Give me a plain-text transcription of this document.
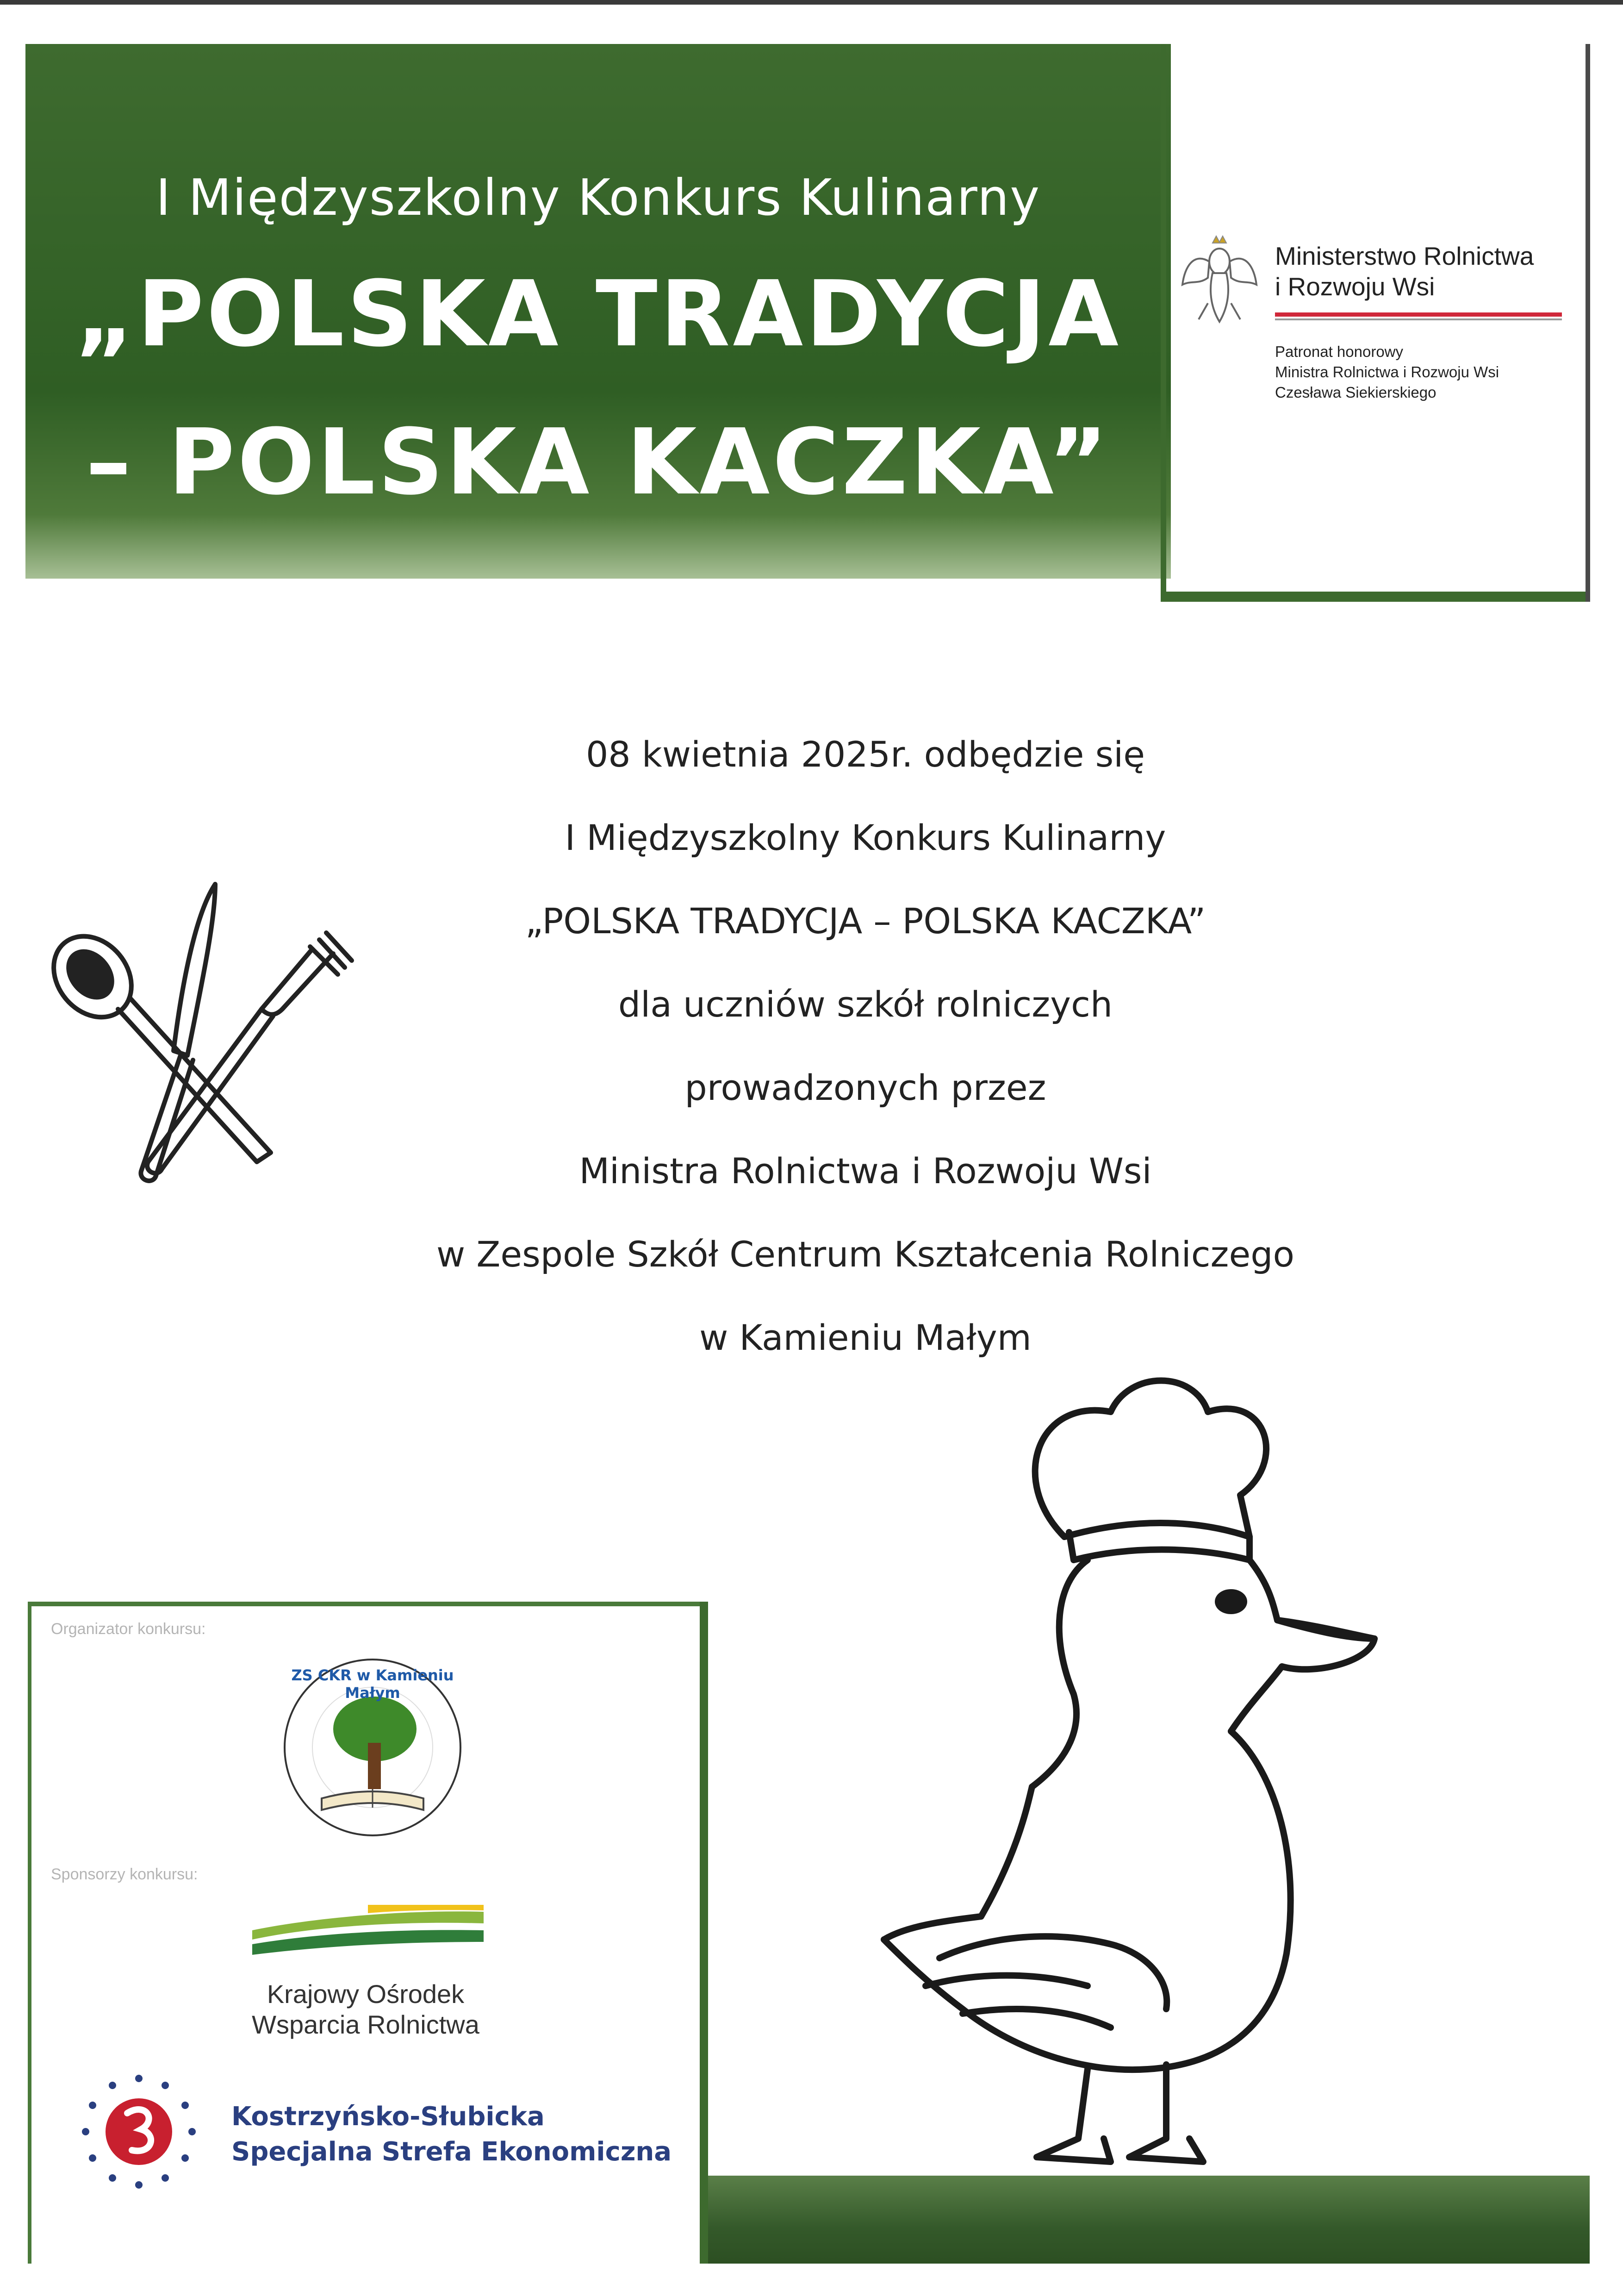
I Międzyszkolny Konkurs Kulinarny
„POLSKA TRADYCJA
– POLSKA KACZKA”
Ministerstwo Rolnictwa
i Rozwoju Wsi
Patronat honorowy
Ministra Rolnictwa i Rozwoju Wsi
Czesława Siekierskiego
08 kwietnia 2025r. odbędzie się
I Międzyszkolny Konkurs Kulinarny
„POLSKA TRADYCJA – POLSKA KACZKA”
dla uczniów szkół rolniczych
prowadzonych przez
Ministra Rolnictwa i Rozwoju Wsi
w Zespole Szkół Centrum Kształcenia Rolniczego
w Kamieniu Małym
Organizator konkursu:
ZS CKR w Kamieniu Małym
Sponsorzy konkursu:
Krajowy Ośrodek
Wsparcia Rolnictwa
Kostrzyńsko-Słubicka
Specjalna Strefa Ekonomiczna
